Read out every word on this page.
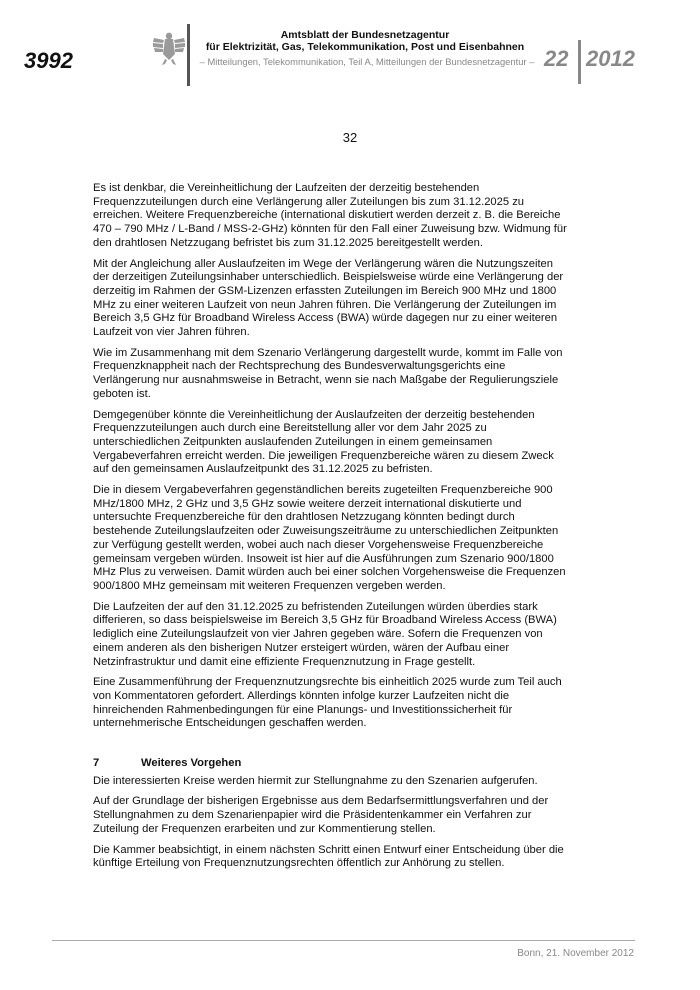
3992
Amtsblatt der Bundesnetzagentur
für Elektrizität, Gas, Telekommunikation, Post und Eisenbahnen
– Mitteilungen, Telekommunikation, Teil A, Mitteilungen der Bundesnetzagentur – 22 2012
32

Es ist denkbar, die Vereinheitlichung der Laufzeiten der derzeitig bestehenden Frequenzzuteilungen durch eine Verlängerung aller Zuteilungen bis zum 31.12.2025 zu erreichen. Weitere Frequenzbereiche (international diskutiert werden derzeit z. B. die Bereiche 470 – 790 MHz / L-Band / MSS-2-GHz) könnten für den Fall einer Zuweisung bzw. Widmung für den drahtlosen Netzzugang befristet bis zum 31.12.2025 bereitgestellt werden.

Mit der Angleichung aller Auslaufzeiten im Wege der Verlängerung wären die Nutzungszeiten der derzeitigen Zuteilungsinhaber unterschiedlich. Beispielsweise würde eine Verlängerung der derzeitig im Rahmen der GSM-Lizenzen erfassten Zuteilungen im Bereich 900 MHz und 1800 MHz zu einer weiteren Laufzeit von neun Jahren führen. Die Verlängerung der Zuteilungen im Bereich 3,5 GHz für Broadband Wireless Access (BWA) würde dagegen nur zu einer weiteren Laufzeit von vier Jahren führen.

Wie im Zusammenhang mit dem Szenario Verlängerung dargestellt wurde, kommt im Falle von Frequenzknappheit nach der Rechtsprechung des Bundesverwaltungsgerichts eine Verlängerung nur ausnahmsweise in Betracht, wenn sie nach Maßgabe der Regulierungsziele geboten ist.

Demgegenüber könnte die Vereinheitlichung der Auslaufzeiten der derzeitig bestehenden Frequenzzuteilungen auch durch eine Bereitstellung aller vor dem Jahr 2025 zu unterschiedlichen Zeitpunkten auslaufenden Zuteilungen in einem gemeinsamen Vergabeverfahren erreicht werden. Die jeweiligen Frequenzbereiche wären zu diesem Zweck auf den gemeinsamen Auslaufzeitpunkt des 31.12.2025 zu befristen.

Die in diesem Vergabeverfahren gegenständlichen bereits zugeteilten Frequenzbereiche 900 MHz/1800 MHz, 2 GHz und 3,5 GHz sowie weitere derzeit international diskutierte und untersuchte Frequenzbereiche für den drahtlosen Netzzugang könnten bedingt durch bestehende Zuteilungslaufzeiten oder Zuweisungszeiträume zu unterschiedlichen Zeitpunkten zur Verfügung gestellt werden, wobei auch nach dieser Vorgehensweise Frequenzbereiche gemeinsam vergeben würden. Insoweit ist hier auf die Ausführungen zum Szenario 900/1800 MHz Plus zu verweisen. Damit würden auch bei einer solchen Vorgehensweise die Frequenzen 900/1800 MHz gemeinsam mit weiteren Frequenzen vergeben werden.

Die Laufzeiten der auf den 31.12.2025 zu befristenden Zuteilungen würden überdies stark differieren, so dass beispielsweise im Bereich 3,5 GHz für Broadband Wireless Access (BWA) lediglich eine Zuteilungslaufzeit von vier Jahren gegeben wäre. Sofern die Frequenzen von einem anderen als den bisherigen Nutzer ersteigert würden, wären der Aufbau einer Netzinfrastruktur und damit eine effiziente Frequenznutzung in Frage gestellt.

Eine Zusammenführung der Frequenznutzungsrechte bis einheitlich 2025 wurde zum Teil auch von Kommentatoren gefordert. Allerdings könnten infolge kurzer Laufzeiten nicht die hinreichenden Rahmenbedingungen für eine Planungs- und Investitionssicherheit für unternehmerische Entscheidungen geschaffen werden.

7	Weiteres Vorgehen

Die interessierten Kreise werden hiermit zur Stellungnahme zu den Szenarien aufgerufen.

Auf der Grundlage der bisherigen Ergebnisse aus dem Bedarfsermittlungsverfahren und der Stellungnahmen zu dem Szenarienpapier wird die Präsidentenkammer ein Verfahren zur Zuteilung der Frequenzen erarbeiten und zur Kommentierung stellen.

Die Kammer beabsichtigt, in einem nächsten Schritt einen Entwurf einer Entscheidung über die künftige Erteilung von Frequenznutzungsrechten öffentlich zur Anhörung zu stellen.

Bonn, 21. November 2012
